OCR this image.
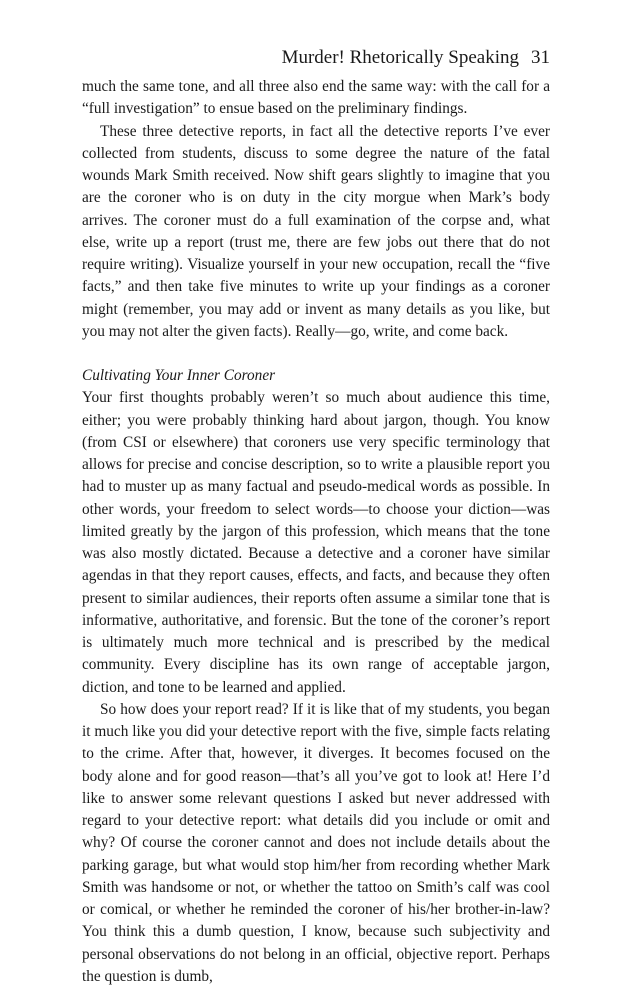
Murder! Rhetorically Speaking 31

much the same tone, and all three also end the same way: with the call for a “full investigation” to ensue based on the preliminary findings.

These three detective reports, in fact all the detective reports I’ve ever collected from students, discuss to some degree the nature of the fatal wounds Mark Smith received. Now shift gears slightly to imagine that you are the coroner who is on duty in the city morgue when Mark’s body arrives. The coroner must do a full examination of the corpse and, what else, write up a report (trust me, there are few jobs out there that do not require writing). Visualize yourself in your new occupation, recall the “five facts,” and then take five minutes to write up your findings as a coroner might (remember, you may add or invent as many details as you like, but you may not alter the given facts). Really—go, write, and come back.

Cultivating Your Inner Coroner

Your first thoughts probably weren’t so much about audience this time, either; you were probably thinking hard about jargon, though. You know (from CSI or elsewhere) that coroners use very specific terminology that allows for precise and concise description, so to write a plausible report you had to muster up as many factual and pseudo-medical words as possible. In other words, your freedom to select words—to choose your diction—was limited greatly by the jargon of this profession, which means that the tone was also mostly dictated. Because a detective and a coroner have similar agendas in that they report causes, effects, and facts, and because they often present to similar audiences, their reports often assume a similar tone that is informative, authoritative, and forensic. But the tone of the coroner’s report is ultimately much more technical and is prescribed by the medical community. Every discipline has its own range of acceptable jargon, diction, and tone to be learned and applied.

So how does your report read? If it is like that of my students, you began it much like you did your detective report with the five, simple facts relating to the crime. After that, however, it diverges. It becomes focused on the body alone and for good reason—that’s all you’ve got to look at! Here I’d like to answer some relevant questions I asked but never addressed with regard to your detective report: what details did you include or omit and why? Of course the coroner cannot and does not include details about the parking garage, but what would stop him/her from recording whether Mark Smith was handsome or not, or whether the tattoo on Smith’s calf was cool or comical, or whether he reminded the coroner of his/her brother-in-law? You think this a dumb question, I know, because such subjectivity and personal observations do not belong in an official, objective report. Perhaps the question is dumb,
